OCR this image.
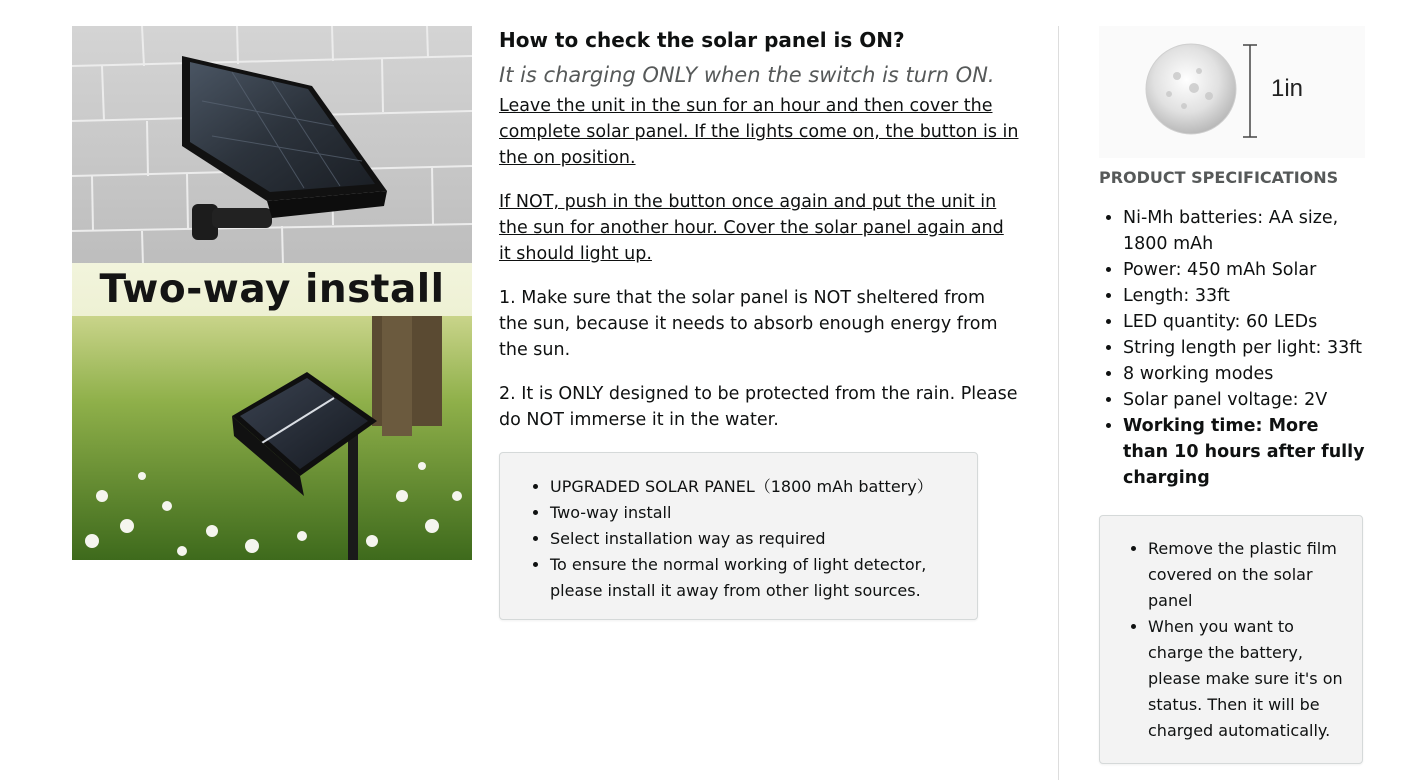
Two-way install
How to check the solar panel is ON?

It is charging ONLY when the switch is turn ON.

Leave the unit in the sun for an hour and then cover the complete solar panel. If the lights come on, the button is in the on position.

If NOT, push in the button once again and put the unit in the sun for another hour. Cover the solar panel again and it should light up.

1. Make sure that the solar panel is NOT sheltered from the sun, because it needs to absorb enough energy from the sun.

2. It is ONLY designed to be protected from the rain. Please do NOT immerse it in the water.

• UPGRADED SOLAR PANEL（1800 mAh battery）
• Two-way install
• Select installation way as required
• To ensure the normal working of light detector, please install it away from other light sources.
1in
PRODUCT SPECIFICATIONS
• Ni-Mh batteries: AA size, 1800 mAh
• Power: 450 mAh Solar
• Length: 33ft
• LED quantity: 60 LEDs
• String length per light: 33ft
• 8 working modes
• Solar panel voltage: 2V
• Working time: More than 10 hours after fully charging
• Remove the plastic film covered on the solar panel
• When you want to charge the battery, please make sure it's on status. Then it will be charged automatically.
